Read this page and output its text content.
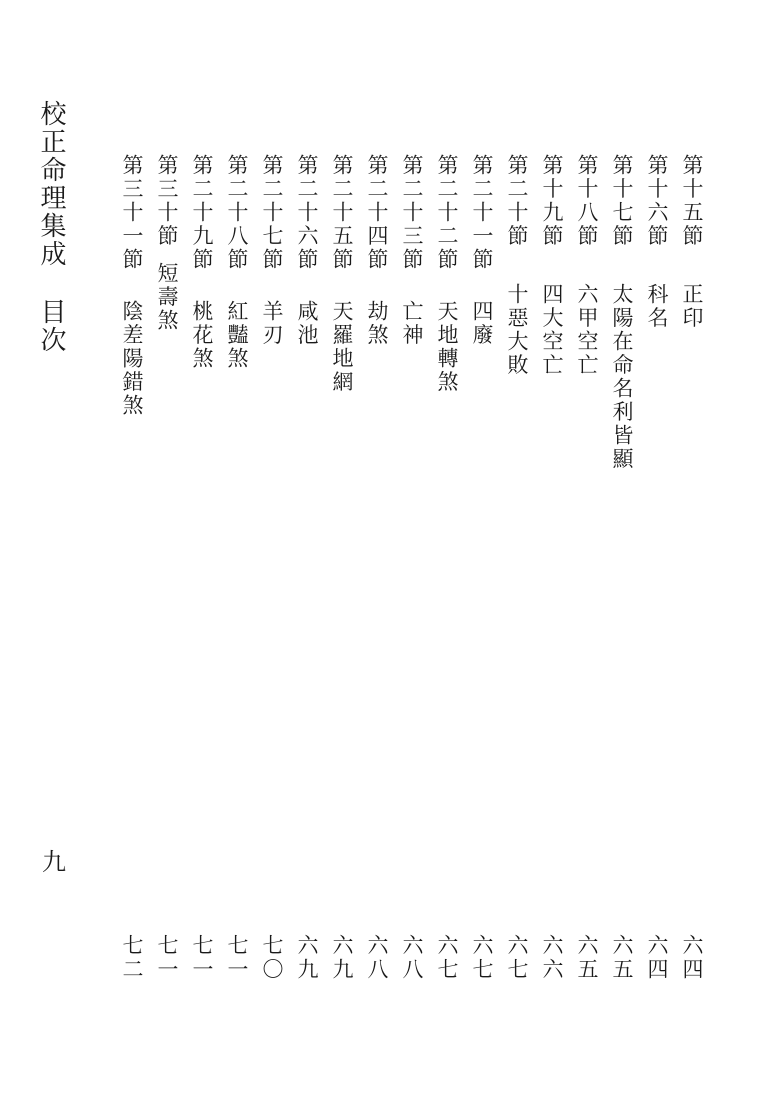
校正命理集成目次
九
第十五節
正印
六四
第十六節
科名
六四
第十七節
太陽在命名利皆顯
六五
第十八節
六甲空亡
六五
第十九節
四大空亡
六六
第二十節
十惡大敗
六七
第二十一節
四廢
六七
第二十二節
天地轉煞
六七
第二十三節
亡神
六八
第二十四節
劫煞
六八
第二十五節
天羅地網
六九
第二十六節
咸池
六九
第二十七節
羊刃
七〇
第二十八節
紅豔煞
七一
第二十九節
桃花煞
七一
第三十節
短壽煞
七一
第三十一節
陰差陽錯煞
七二
